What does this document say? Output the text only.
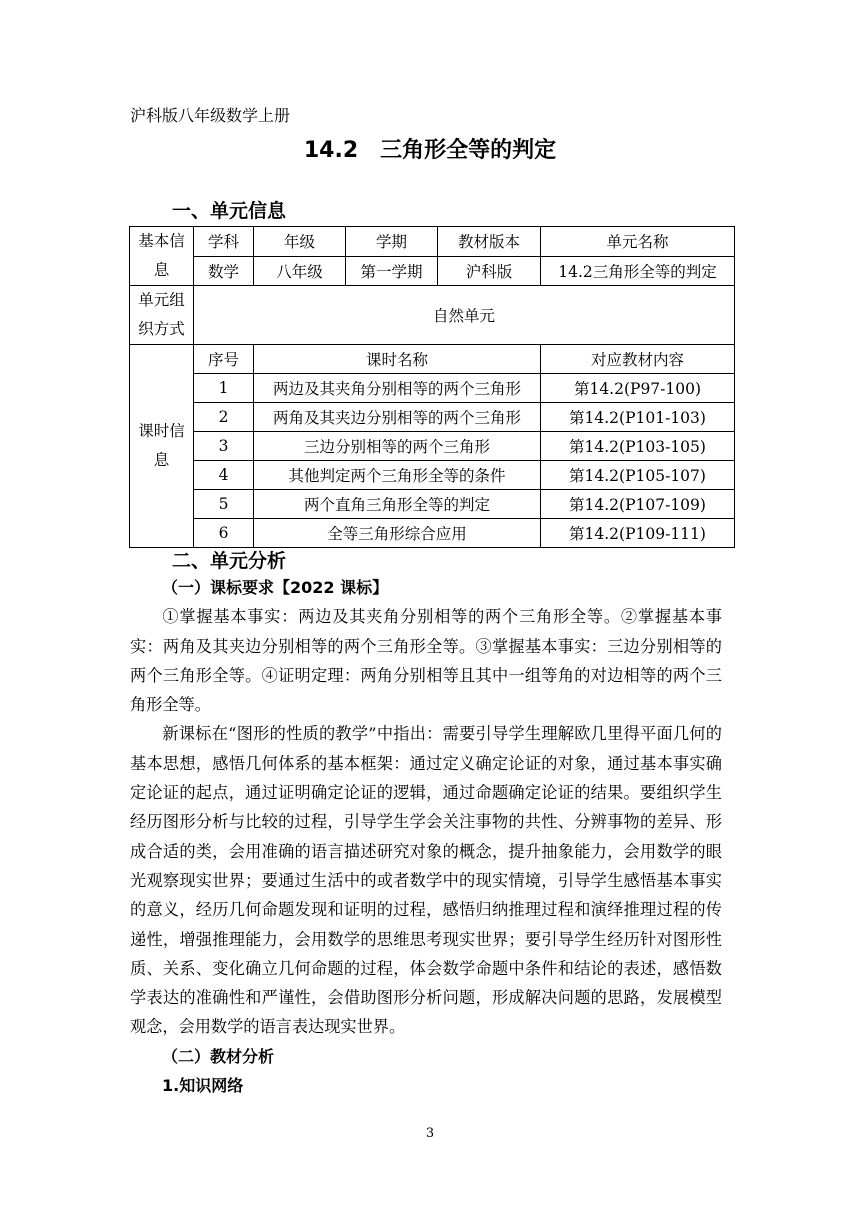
沪科版八年级数学上册
14.2 三角形全等的判定
一、单元信息
基本信息	学科	年级	学期	教材版本	单元名称
	数学	八年级	第一学期	沪科版	14.2三角形全等的判定
单元组织方式	自然单元				
课时信息	序号	课时名称			对应教材内容
	1	两边及其夹角分别相等的两个三角形			第14.2(P97-100)
	2	两角及其夹边分别相等的两个三角形			第14.2(P101-103)
	3	三边分别相等的两个三角形			第14.2(P103-105)
	4	其他判定两个三角形全等的条件			第14.2(P105-107)
	5	两个直角三角形全等的判定			第14.2(P107-109)
	6	全等三角形综合应用			第14.2(P109-111)
二、单元分析

（一）课标要求【2022 课标】

①掌握基本事实：两边及其夹角分别相等的两个三角形全等。②掌握基本事实：两角及其夹边分别相等的两个三角形全等。③掌握基本事实：三边分别相等的两个三角形全等。④证明定理：两角分别相等且其中一组等角的对边相等的两个三角形全等。

新课标在“图形的性质的教学”中指出：需要引导学生理解欧几里得平面几何的基本思想，感悟几何体系的基本框架：通过定义确定论证的对象，通过基本事实确定论证的起点，通过证明确定论证的逻辑，通过命题确定论证的结果。要组织学生经历图形分析与比较的过程，引导学生学会关注事物的共性、分辨事物的差异、形成合适的类，会用准确的语言描述研究对象的概念，提升抽象能力，会用数学的眼光观察现实世界；要通过生活中的或者数学中的现实情境，引导学生感悟基本事实的意义，经历几何命题发现和证明的过程，感悟归纳推理过程和演绎推理过程的传递性，增强推理能力，会用数学的思维思考现实世界；要引导学生经历针对图形性质、关系、变化确立几何命题的过程，体会数学命题中条件和结论的表述，感悟数学表达的准确性和严谨性，会借助图形分析问题，形成解决问题的思路，发展模型观念，会用数学的语言表达现实世界。

（二）教材分析

1.知识网络

3
